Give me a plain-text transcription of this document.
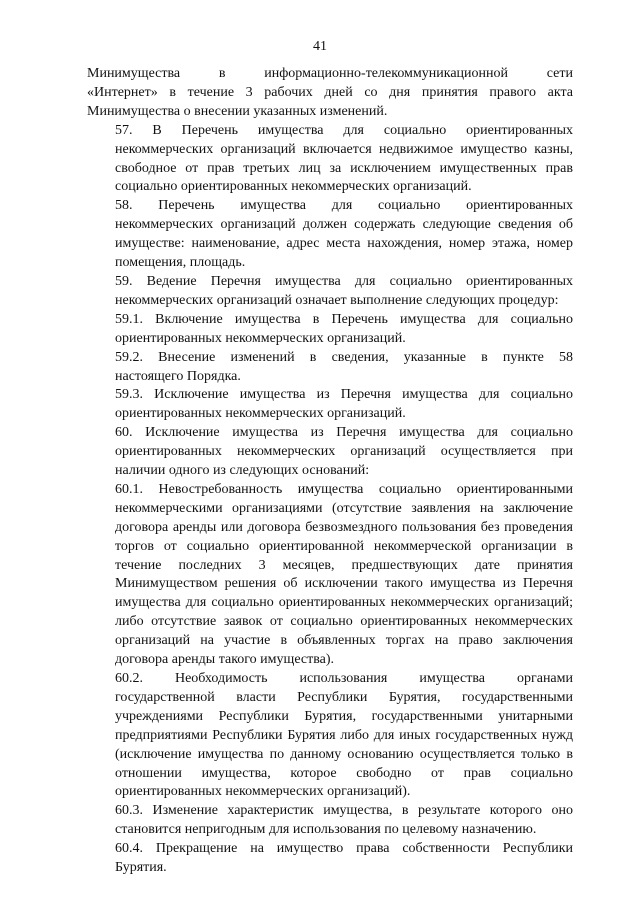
41
Минимущества в информационно-телекоммуникационной сети
«Интернет» в течение 3 рабочих дней со дня принятия правого акта
Минимущества о внесении указанных изменений.
57. В Перечень имущества для социально ориентированных
некоммерческих организаций включается недвижимое имущество казны,
свободное от прав третьих лиц за исключением имущественных прав
социально ориентированных некоммерческих организаций.
58. Перечень имущества для социально ориентированных
некоммерческих организаций должен содержать следующие сведения об
имуществе: наименование, адрес места нахождения, номер этажа, номер
помещения, площадь.
59. Ведение Перечня имущества для социально ориентированных
некоммерческих организаций означает выполнение следующих процедур:
59.1. Включение имущества в Перечень имущества для социально
ориентированных некоммерческих организаций.
59.2. Внесение изменений в сведения, указанные в пункте 58
настоящего Порядка.
59.3. Исключение имущества из Перечня имущества для социально
ориентированных некоммерческих организаций.
60. Исключение имущества из Перечня имущества для социально
ориентированных некоммерческих организаций осуществляется при
наличии одного из следующих оснований:
60.1. Невостребованность имущества социально ориентированными
некоммерческими организациями (отсутствие заявления на заключение
договора аренды или договора безвозмездного пользования без проведения
торгов от социально ориентированной некоммерческой организации в
течение последних 3 месяцев, предшествующих дате принятия
Минимуществом решения об исключении такого имущества из Перечня
имущества для социально ориентированных некоммерческих организаций;
либо отсутствие заявок от социально ориентированных некоммерческих
организаций на участие в объявленных торгах на право заключения
договора аренды такого имущества).
60.2. Необходимость использования имущества органами
государственной власти Республики Бурятия, государственными
учреждениями Республики Бурятия, государственными унитарными
предприятиями Республики Бурятия либо для иных государственных нужд
(исключение имущества по данному основанию осуществляется только в
отношении имущества, которое свободно от прав социально
ориентированных некоммерческих организаций).
60.3. Изменение характеристик имущества, в результате которого оно
становится непригодным для использования по целевому назначению.
60.4. Прекращение на имущество права собственности Республики
Бурятия.
